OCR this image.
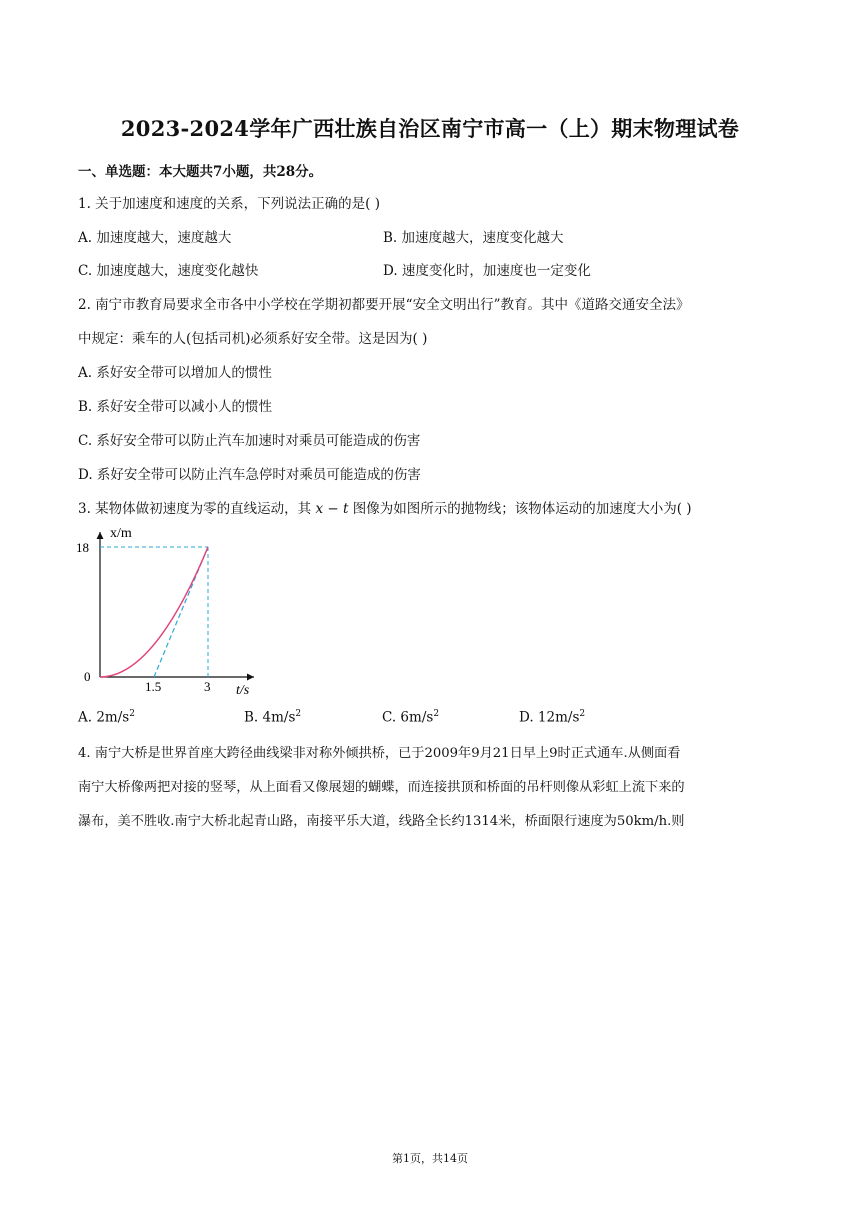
2023-2024学年广西壮族自治区南宁市高一（上）期末物理试卷
一、单选题：本大题共7小题，共28分。
1. 关于加速度和速度的关系，下列说法正确的是( )
A. 加速度越大，速度越大	B. 加速度越大，速度变化越大
C. 加速度越大，速度变化越快	D. 速度变化时，加速度也一定变化
2. 南宁市教育局要求全市各中小学校在学期初都要开展“安全文明出行”教育。其中《道路交通安全法》
中规定：乘车的人(包括司机)必须系好安全带。这是因为( )
A. 系好安全带可以增加人的惯性
B. 系好安全带可以减小人的惯性
C. 系好安全带可以防止汽车加速时对乘员可能造成的伤害
D. 系好安全带可以防止汽车急停时对乘员可能造成的伤害
3. 某物体做初速度为零的直线运动，其 x − t 图像为如图所示的抛物线；该物体运动的加速度大小为( )
x/m
t/s
18
0
1.5	3
A. $2m/s^2$	B. $4m/s^2$	C. $6m/s^2$	D. $12m/s^2$
4. 南宁大桥是世界首座大跨径曲线梁非对称外倾拱桥，已于2009年9月21日早上9时正式通车.从侧面看
南宁大桥像两把对接的竖琴，从上面看又像展翅的蝴蝶，而连接拱顶和桥面的吊杆则像从彩虹上流下来的
瀑布，美不胜收.南宁大桥北起青山路，南接平乐大道，线路全长约1314米，桥面限行速度为50km/h.则
第1页，共14页
